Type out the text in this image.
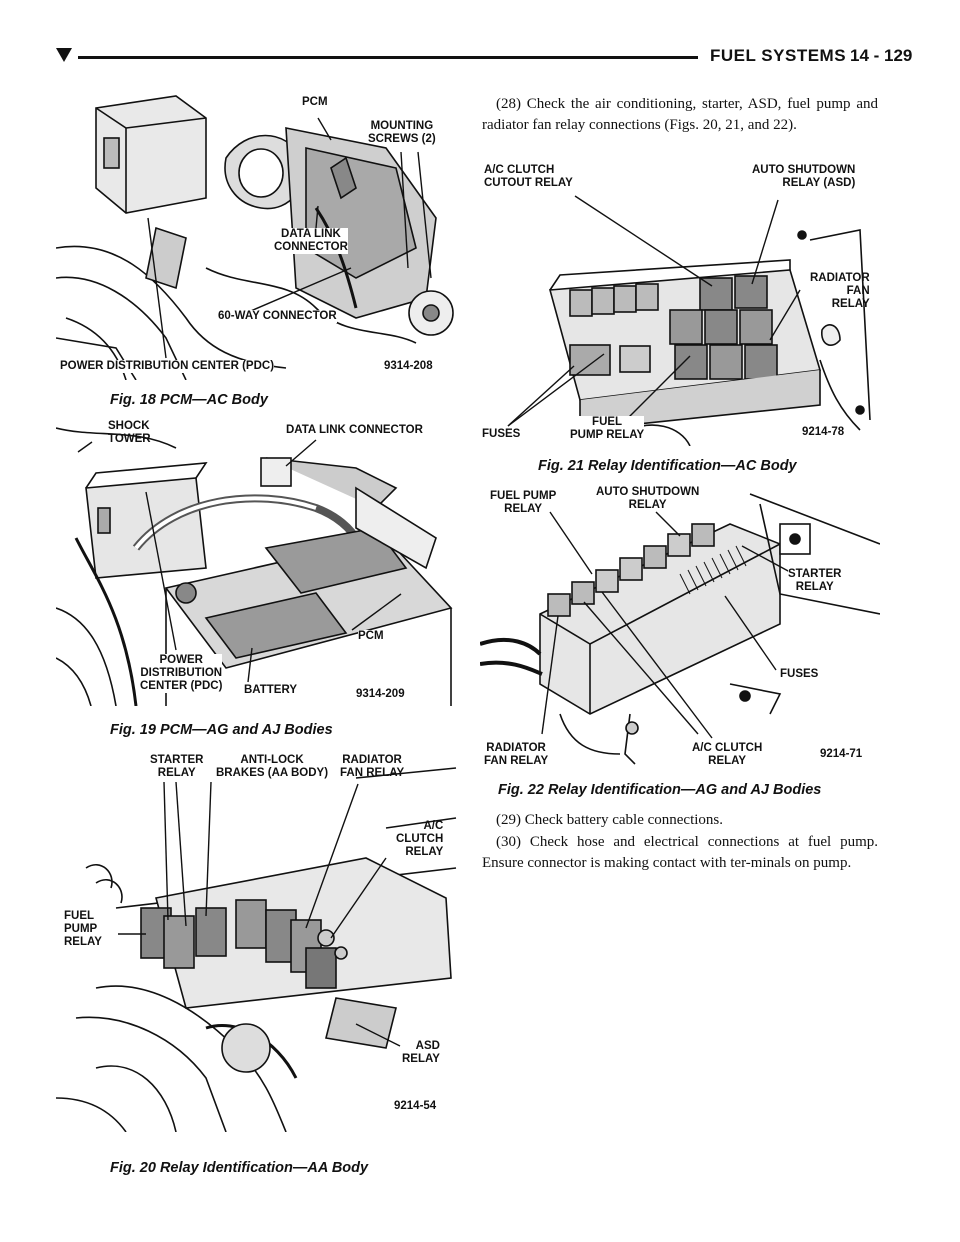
FUEL SYSTEMS 14 - 129
PCM
MOUNTING
SCREWS (2)
DATA LINK
CONNECTOR
60-WAY CONNECTOR
POWER DISTRIBUTION CENTER (PDC)	9314-208
Fig. 18 PCM—AC Body
SHOCK
TOWER
DATA LINK CONNECTOR
PCM
POWER
DISTRIBUTION
CENTER (PDC) BATTERY	9314-209
Fig. 19 PCM—AG and AJ Bodies
STARTER
RELAY
ANTI-LOCK
BRAKES (AA BODY)
RADIATOR
FAN RELAY
A/C
CLUTCH
RELAY
FUEL
PUMP
RELAY
ASD
RELAY
9214-54
Fig. 20 Relay Identification—AA Body
(28) Check the air conditioning, starter, ASD, fuel pump and radiator fan relay connections (Figs. 20, 21, and 22).
A/C CLUTCH
CUTOUT RELAY
AUTO SHUTDOWN
RELAY (ASD)
RADIATOR
FAN
RELAY
FUSES
FUEL
PUMP RELAY	9214-78
Fig. 21 Relay Identification—AC Body
FUEL PUMP
RELAY
AUTO SHUTDOWN
RELAY
STARTER
RELAY
FUSES
RADIATOR
FAN RELAY
A/C CLUTCH
RELAY
9214-71
Fig. 22 Relay Identification—AG and AJ Bodies
(29) Check battery cable connections.
(30) Check hose and electrical connections at fuel pump. Ensure connector is making contact with ter-minals on pump.
